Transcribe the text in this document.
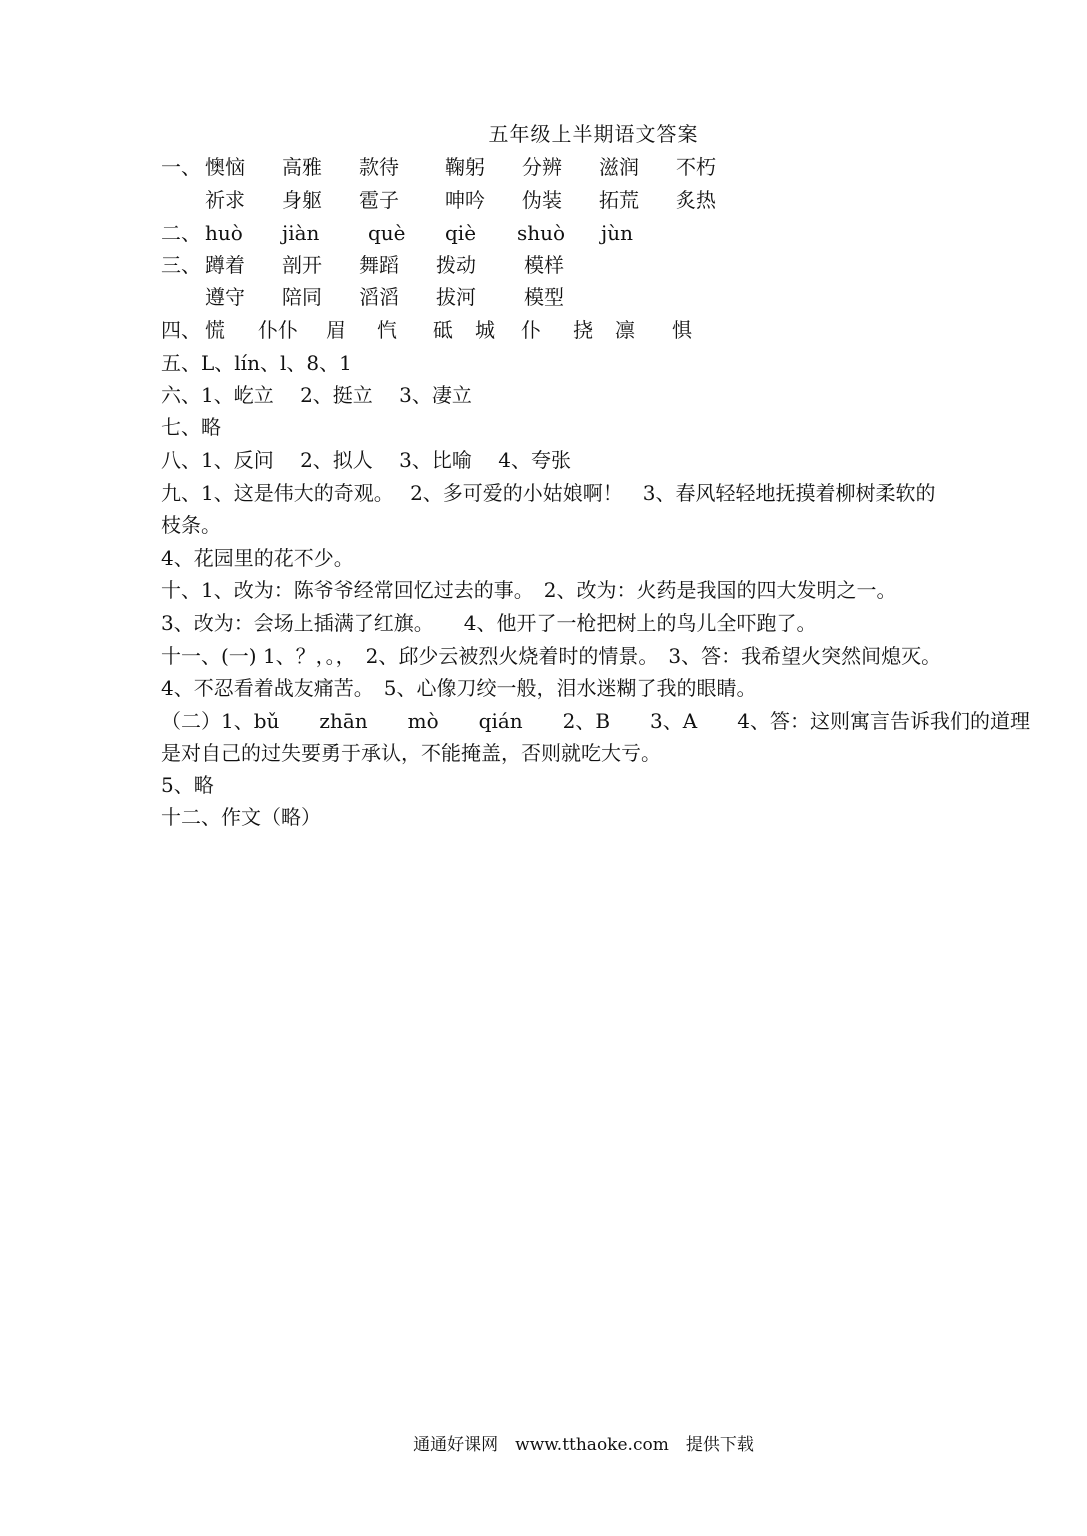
五年级上半期语文答案
一、 懊恼 高雅 款待 鞠躬 分辨 滋润 不朽
祈求 身躯 雹子 呻吟 伪装 拓荒 炙热
二、 huò jiàn què qiè shuò jùn
三、 蹲着 剖开 舞蹈 拨动 模样
遵守 陪同 滔滔 拔河 模型
四、 慌 仆仆 眉 忾 砥 城 仆 挠 凛 惧
五、L、lín、l、8、1
六、1、屹立　 2、挺立　 3、凄立
七、略
八、1、反问　 2、拟人　 3、比喻　 4、夸张
九、1、这是伟大的奇观。　 2、多可爱的小姑娘啊！　3、春风轻轻地抚摸着柳树柔软的
枝条。
4、花园里的花不少。
十、1、改为：陈爷爷经常回忆过去的事。　2、改为：火药是我国的四大发明之一。
3、改为：会场上插满了红旗。　　4、他开了一枪把树上的鸟儿全吓跑了。
十一、(一) 1、？，。，　2、邱少云被烈火烧着时的情景。　3、答：我希望火突然间熄灭。
4、不忍看着战友痛苦。　5、心像刀绞一般，泪水迷糊了我的眼睛。
（二）1、bǔ　　zhān　　mò　　qián　　2、B　　3、A　　4、答：这则寓言告诉我们的道理
是对自己的过失要勇于承认，不能掩盖，否则就吃大亏。
5、略
十二、作文（略）
通通好课网　www.tthaoke.com　提供下载
